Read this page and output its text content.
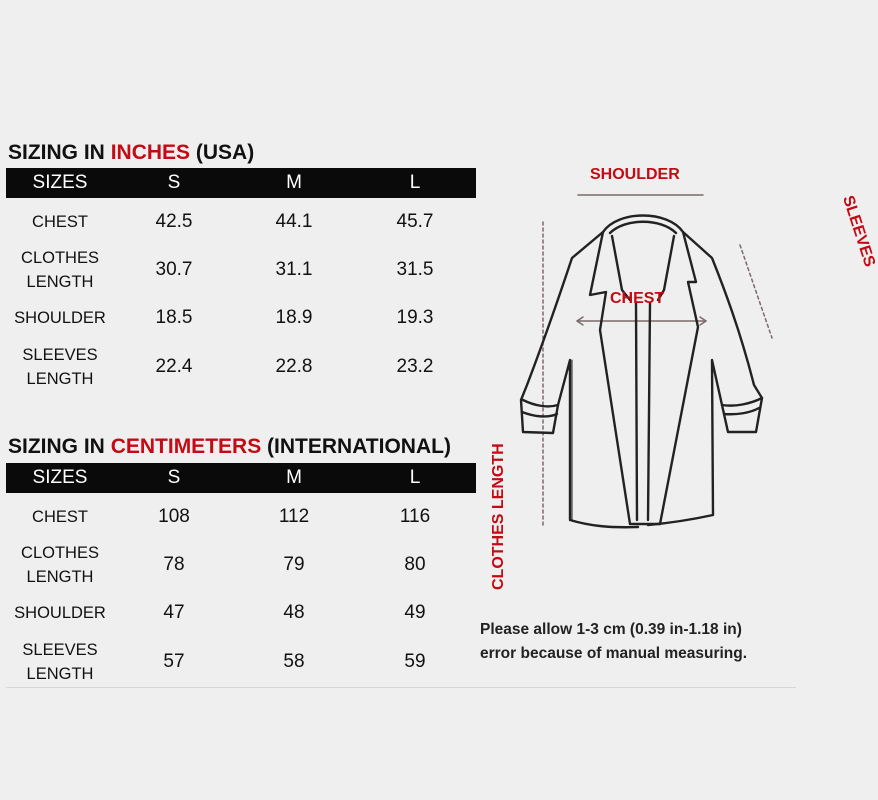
SIZING IN INCHES (USA)
SIZES	S	M	L

CHEST	42.5	44.1	45.7

CLOTHES
LENGTH	30.7	31.1	31.5

SHOULDER	18.5	18.9	19.3

SLEEVES
LENGTH	22.4	22.8	23.2
SIZING IN CENTIMETERS (INTERNATIONAL)
SIZES	S	M	L

CHEST	108	112	116

CLOTHES
LENGTH	78	79	80

SHOULDER	47	48	49

SLEEVES
LENGTH	57	58	59
SHOULDER
CHEST
SLEEVES
CLOTHES LENGTH
Please allow 1-3 cm (0.39 in-1.18 in)
error because of manual measuring.
